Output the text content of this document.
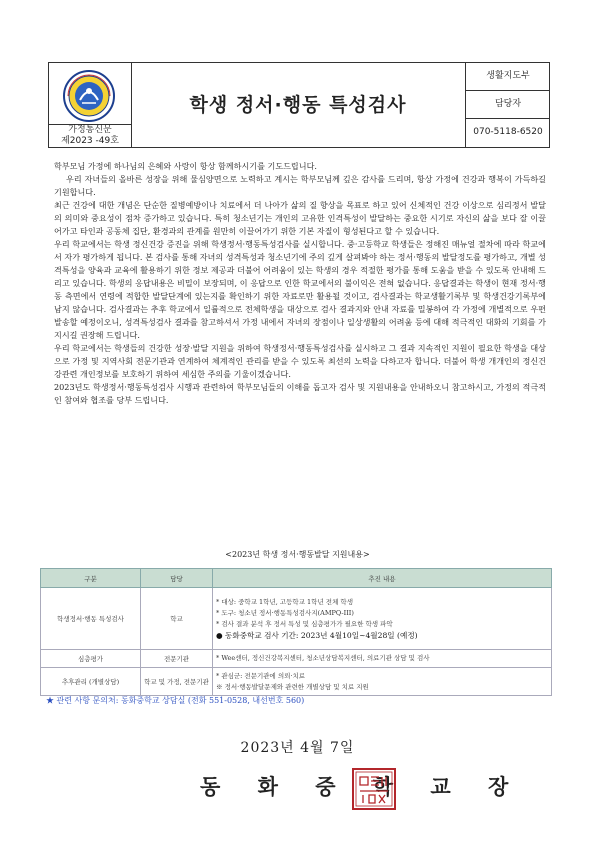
가정통신문
제2023 -49호
학생 정서·행동 특성검사
생활지도부
담당자
070-5118-6520

학부모님 가정에 하나님의 은혜와 사랑이 항상 함께하시기를 기도드립니다.

우리 자녀들의 올바른 성장을 위해 물심양면으로 노력하고 계시는 학부모님께 깊은 감사를 드리며, 항상 가정에 건강과 행복이 가득하길 기원합니다.

최근 건강에 대한 개념은 단순한 질병예방이나 치료에서 더 나아가 삶의 질 향상을 목표로 하고 있어 신체적인 건강 이상으로 심리정서 발달의 의미와 중요성이 점차 증가하고 있습니다. 특히 청소년기는 개인의 고유한 인격특성이 발달하는 중요한 시기로 자신의 삶을 보다 잘 이끌어가고 타인과 공동체 집단, 환경과의 관계를 원만히 이끌어가기 위한 기본 자질이 형성된다고 할 수 있습니다.

우리 학교에서는 학생 정신건강 증진을 위해 학생정서·행동특성검사를 실시합니다. 중·고등학교 학생들은 정해진 매뉴얼 절차에 따라 학교에서 자가 평가하게 됩니다. 본 검사를 통해 자녀의 성격특성과 청소년기에 주의 깊게 살펴봐야 하는 정서·행동의 발달정도를 평가하고, 개별 성격특성을 양육과 교육에 활용하기 위한 정보 제공과 더불어 어려움이 있는 학생의 경우 적절한 평가를 통해 도움을 받을 수 있도록 안내해 드리고 있습니다. 학생의 응답내용은 비밀이 보장되며, 이 응답으로 인한 학교에서의 불이익은 전혀 없습니다. 응답결과는 학생이 현재 정서·행동 측면에서 연령에 적합한 발달단계에 있는지를 확인하기 위한 자료로만 활용될 것이고, 검사결과는 학교생활기록부 및 학생건강기록부에 남지 않습니다. 검사결과는 추후 학교에서 일률적으로 전체학생을 대상으로 검사 결과지와 안내 자료를 밀봉하여 각 가정에 개별적으로 우편 발송할 예정이오니, 성격특성검사 결과를 참고하셔서 가정 내에서 자녀의 장점이나 일상생활의 어려움 등에 대해 적극적인 대화의 기회를 가지시길 권장해 드립니다.

우리 학교에서는 학생들의 건강한 성장·발달 지원을 위하여 학생정서·행동특성검사를 실시하고 그 결과 지속적인 지원이 필요한 학생을 대상으로 가정 및 지역사회 전문기관과 연계하여 체계적인 관리를 받을 수 있도록 최선의 노력을 다하고자 합니다. 더불어 학생 개개인의 정신건강관련 개인정보를 보호하기 위하여 세심한 주의를 기울이겠습니다.

2023년도 학생정서·행동특성검사 시행과 관련하여 학부모님들의 이해를 돕고자 검사 및 지원내용을 안내하오니 참고하시고, 가정의 적극적인 참여와 협조를 당부 드립니다.

<2023년 학생 정서·행동발달 지원내용>
구분	담당	추진 내용
학생정서·행동 특성검사	학교	* 대상: 중학교 1학년, 고등학교 1학년 전체 학생
* 도구: 청소년 정서·행동특성검사지(AMPQ-III)
* 검사 결과 분석 후 정서 특성 및 심층평가가 필요한 학생 파악
● 동화중학교 검사 기간: 2023년 4월10일~4월28일 (예정)

심층평가	전문기관	* Wee센터, 정신건강복지센터, 청소년상담복지센터, 의료기관 상담 및 검사

추후관리 (개별상담)	학교 및 가정, 전문기관	* 관심군: 전문기관에 의뢰·치료
※ 정서·행동발달문제와 관련한 개별상담 및 치료 지원
★ 관련 사항 문의처: 동화중학교 상담실 (전화 551-0528, 내선번호 560)
2023년 4월 7일
동 화 중 학 교 장
